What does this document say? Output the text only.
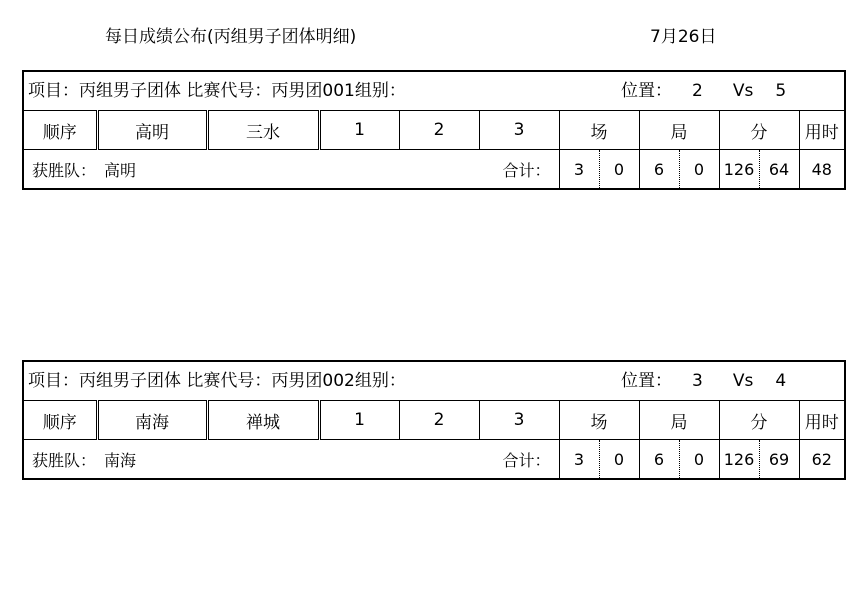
每日成绩公布(丙组男子团体明细)	7月26日
项目：丙组男子团体 比赛代号：丙男团001组别： 位置： 2 Vs 5												

顺序	高明	三水	1	2	3	场		局		分		用时

获胜队： 高明 合计：						3	0	6	0	126	64	48
项目：丙组男子团体 比赛代号：丙男团002组别： 位置： 3 Vs 4												

顺序	南海	禅城	1	2	3	场		局		分		用时

获胜队： 南海 合计：						3	0	6	0	126	69	62
